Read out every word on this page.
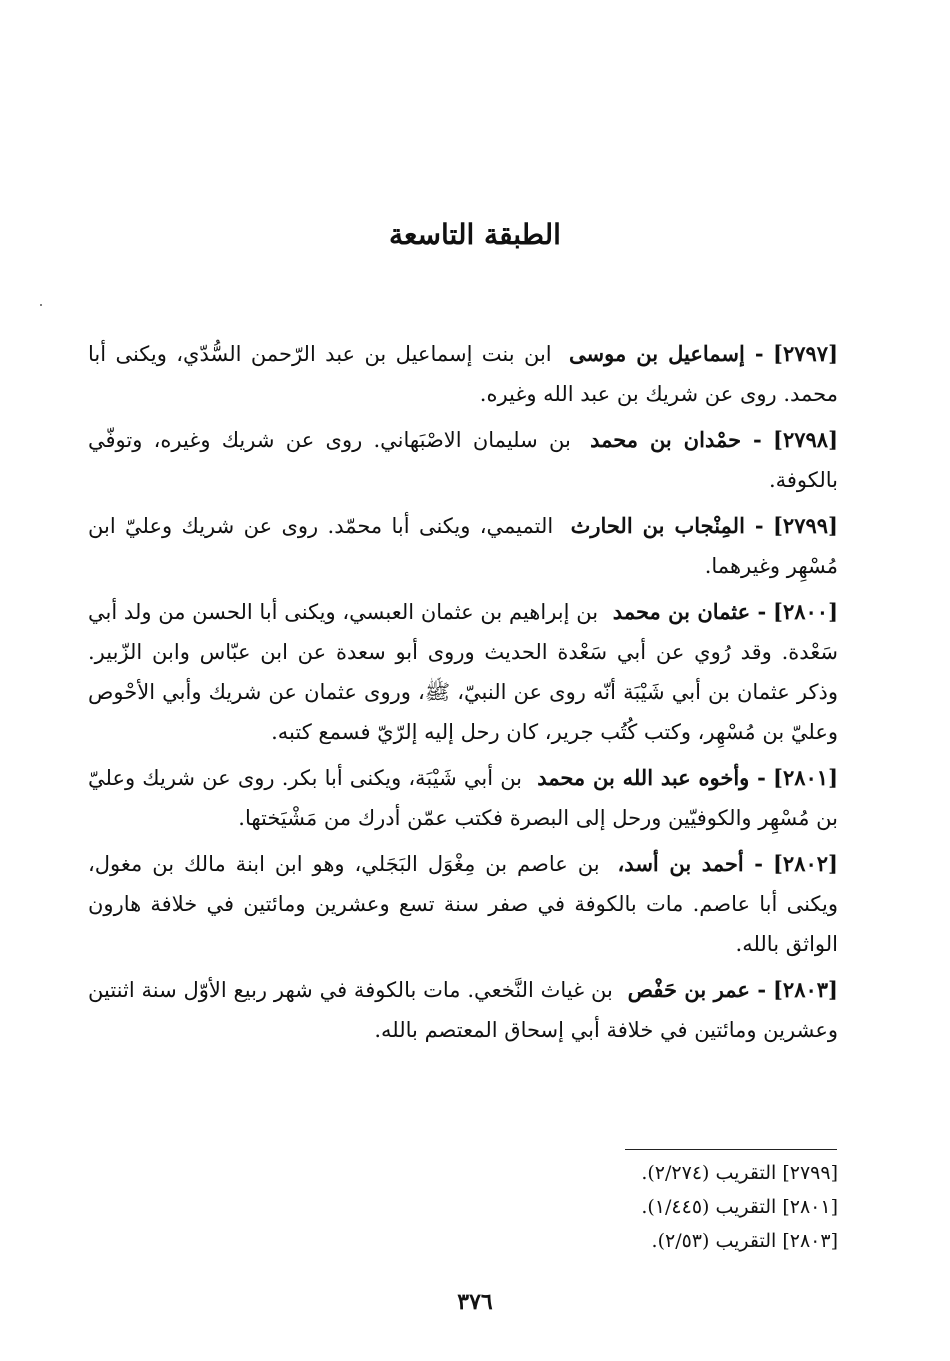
الطبقة التاسعة

[٢٧٩٧] - إسماعيل بن موسى ابن بنت إسماعيل بن عبد الرّحمن السُّدّي، ويكنى أبا محمد. روى عن شريك بن عبد الله وغيره.

[٢٧٩٨] - حمْدان بن محمد بن سليمان الاصْبَهاني. روى عن شريك وغيره، وتوفّي بالكوفة.

[٢٧٩٩] - المِنْجاب بن الحارث التميمي، ويكنى أبا محمّد. روى عن شريك وعليّ ابن مُسْهِر وغيرهما.

[٢٨٠٠] - عثمان بن محمد بن إبراهيم بن عثمان العبسي، ويكنى أبا الحسن من ولد أبي سَعْدة. وقد رُوي عن أبي سَعْدة الحديث وروى أبو سعدة عن ابن عبّاس وابن الزّبير. وذكر عثمان بن أبي شَيْبَة أنّه روى عن النبيّ، ﷺ، وروى عثمان عن شريك وأبي الأحْوص وعليّ بن مُسْهِر، وكتب كُتُب جرير، كان رحل إليه إلرّيّ فسمع كتبه.

[٢٨٠١] - وأخوه عبد الله بن محمد بن أبي شَيْبَة، ويكنى أبا بكر. روى عن شريك وعليّ بن مُسْهِر والكوفيّين ورحل إلى البصرة فكتب عمّن أدرك من مَشْيَختها.

[٢٨٠٢] - أحمد بن أسد، بن عاصم بن مِغْوَل البَجَلي، وهو ابن ابنة مالك بن مغول، ويكنى أبا عاصم. مات بالكوفة في صفر سنة تسع وعشرين ومائتين في خلافة هارون الواثق بالله.

[٢٨٠٣] - عمر بن حَفْص بن غياث النَّخعي. مات بالكوفة في شهر ربيع الأوّل سنة اثنتين وعشرين ومائتين في خلافة أبي إسحاق المعتصم بالله.

[٢٧٩٩]التقريب (٢/٢٧٤).
[٢٨٠١]التقريب (١/٤٤٥).
[٢٨٠٣]التقريب (٢/٥٣).
٣٧٦
